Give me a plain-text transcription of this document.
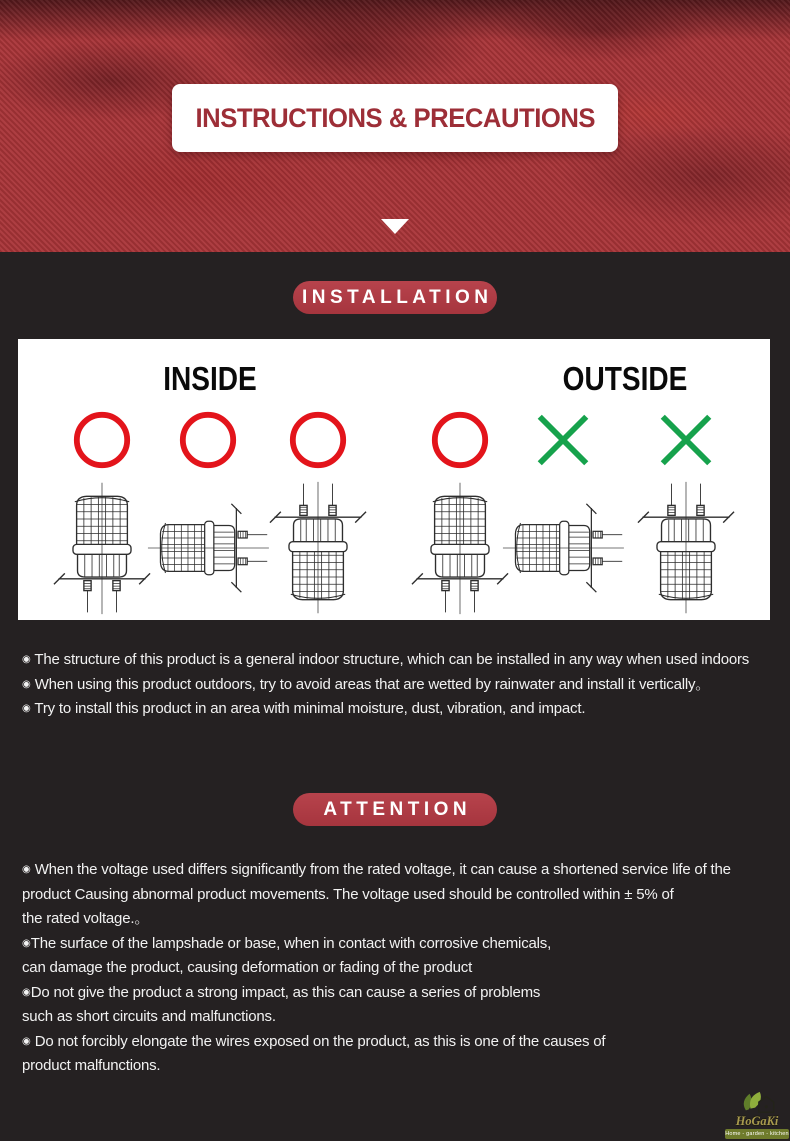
INSTRUCTIONS & PRECAUTIONS
INSTALLATION
INSIDE	OUTSIDE
◉ The structure of this product is a general indoor structure, which can be installed in any way when used indoors
◉ When using this product outdoors, try to avoid areas that are wetted by rainwater and install it vertically。
◉ Try to install this product in an area with minimal moisture, dust, vibration, and impact.
ATTENTION
◉ When the voltage used differs significantly from the rated voltage, it can cause a shortened service life of the
product Causing abnormal product movements. The voltage used should be controlled within ± 5% of
the rated voltage.。
◉The surface of the lampshade or base, when in contact with corrosive chemicals,
can damage the product, causing deformation or fading of the product
◉Do not give the product a strong impact, as this can cause a series of problems
such as short circuits and malfunctions.
◉ Do not forcibly elongate the wires exposed on the product, as this is one of the causes of
product malfunctions.
HoGaKi
Home - garden - kitchen
